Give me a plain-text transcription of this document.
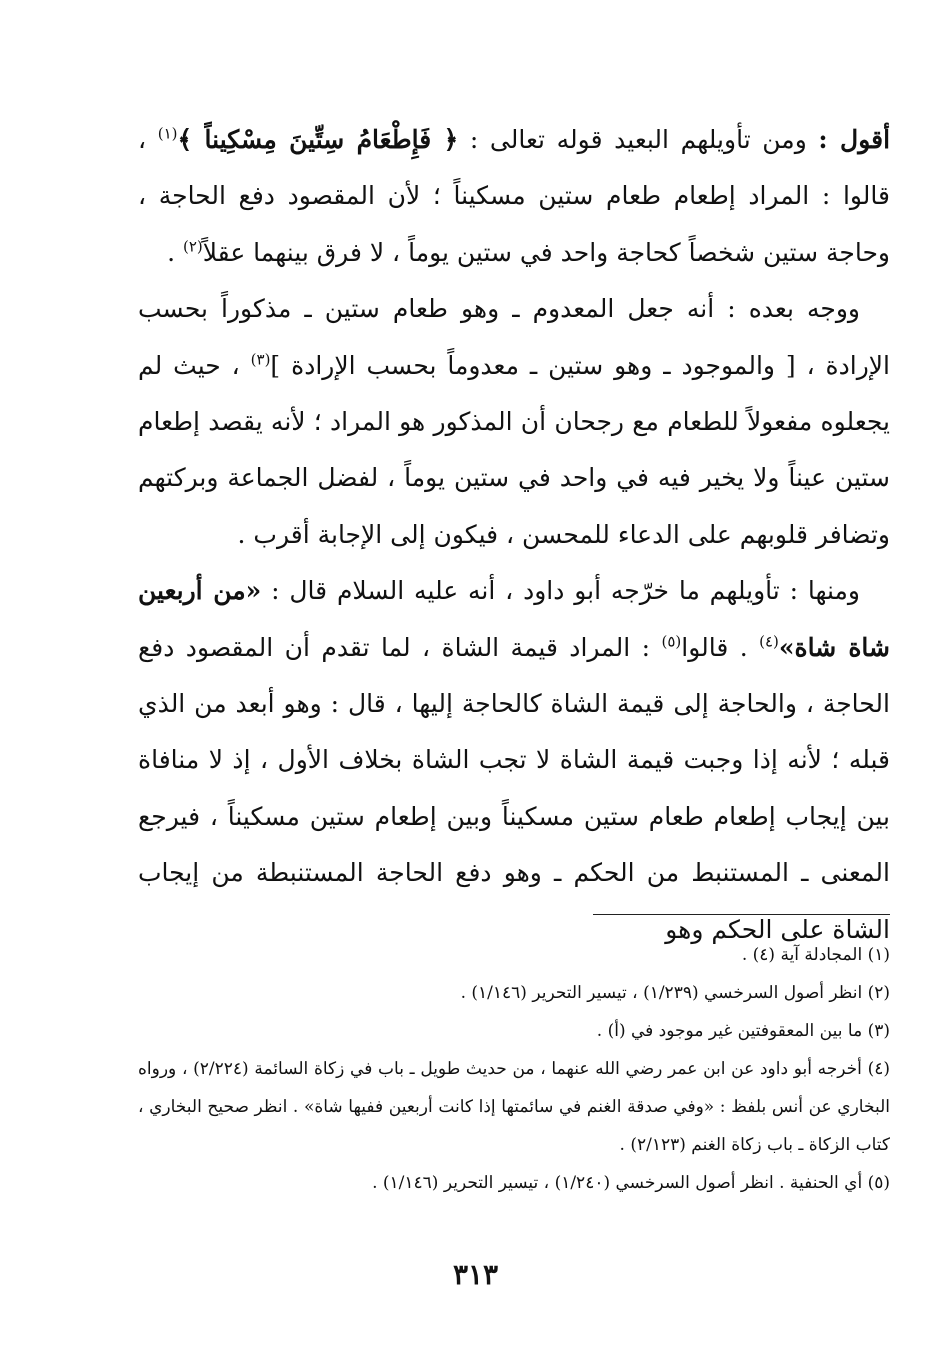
أقول : ومن تأويلهم البعيد قوله تعالى : ﴿ فَإِطْعَامُ سِتِّينَ مِسْكِيناً ﴾$^{(١)}$ ، قالوا : المراد إطعام طعام ستين مسكيناً ؛ لأن المقصود دفع الحاجة ، وحاجة ستين شخصاً كحاجة واحد في ستين يوماً ، لا فرق بينهما عقلاً$^{(٢)}$ .

ووجه بعده : أنه جعل المعدوم ـ وهو طعام ستين ـ مذكوراً بحسب الإرادة ، [ والموجود ـ وهو ستين ـ معدوماً بحسب الإرادة ]$^{(٣)}$ ، حيث لم يجعلوه مفعولاً للطعام مع رجحان أن المذكور هو المراد ؛ لأنه يقصد إطعام ستين عيناً ولا يخير فيه في واحد في ستين يوماً ، لفضل الجماعة وبركتهم وتضافر قلوبهم على الدعاء للمحسن ، فيكون إلى الإجابة أقرب .

ومنها : تأويلهم ما خرّجه أبو داود ، أنه عليه السلام قال : «من أربعين شاة شاة»$^{(٤)}$ . قالوا$^{(٥)}$ : المراد قيمة الشاة ، لما تقدم أن المقصود دفع الحاجة ، والحاجة إلى قيمة الشاة كالحاجة إليها ، قال : وهو أبعد من الذي قبله ؛ لأنه إذا وجبت قيمة الشاة لا تجب الشاة بخلاف الأول ، إذ لا منافاة بين إيجاب إطعام طعام ستين مسكيناً وبين إطعام ستين مسكيناً ، فيرجع المعنى ـ المستنبط من الحكم ـ وهو دفع الحاجة المستنبطة من إيجاب الشاة على الحكم وهو

(١) المجادلة آية (٤) .

(٢) انظر أصول السرخسي (١/٢٣٩) ، تيسير التحرير (١/١٤٦) .

(٣) ما بين المعقوفتين غير موجود في (أ) .

(٤) أخرجه أبو داود عن ابن عمر رضي الله عنهما ، من حديث طويل ـ باب في زكاة السائمة (٢/٢٢٤) ، ورواه البخاري عن أنس بلفظ : «وفي صدقة الغنم في سائمتها إذا كانت أربعين ففيها شاة» . انظر صحيح البخاري ، كتاب الزكاة ـ باب زكاة الغنم (٢/١٢٣) .

(٥) أي الحنفية . انظر أصول السرخسي (١/٢٤٠) ، تيسير التحرير (١/١٤٦) .

٣١٣
